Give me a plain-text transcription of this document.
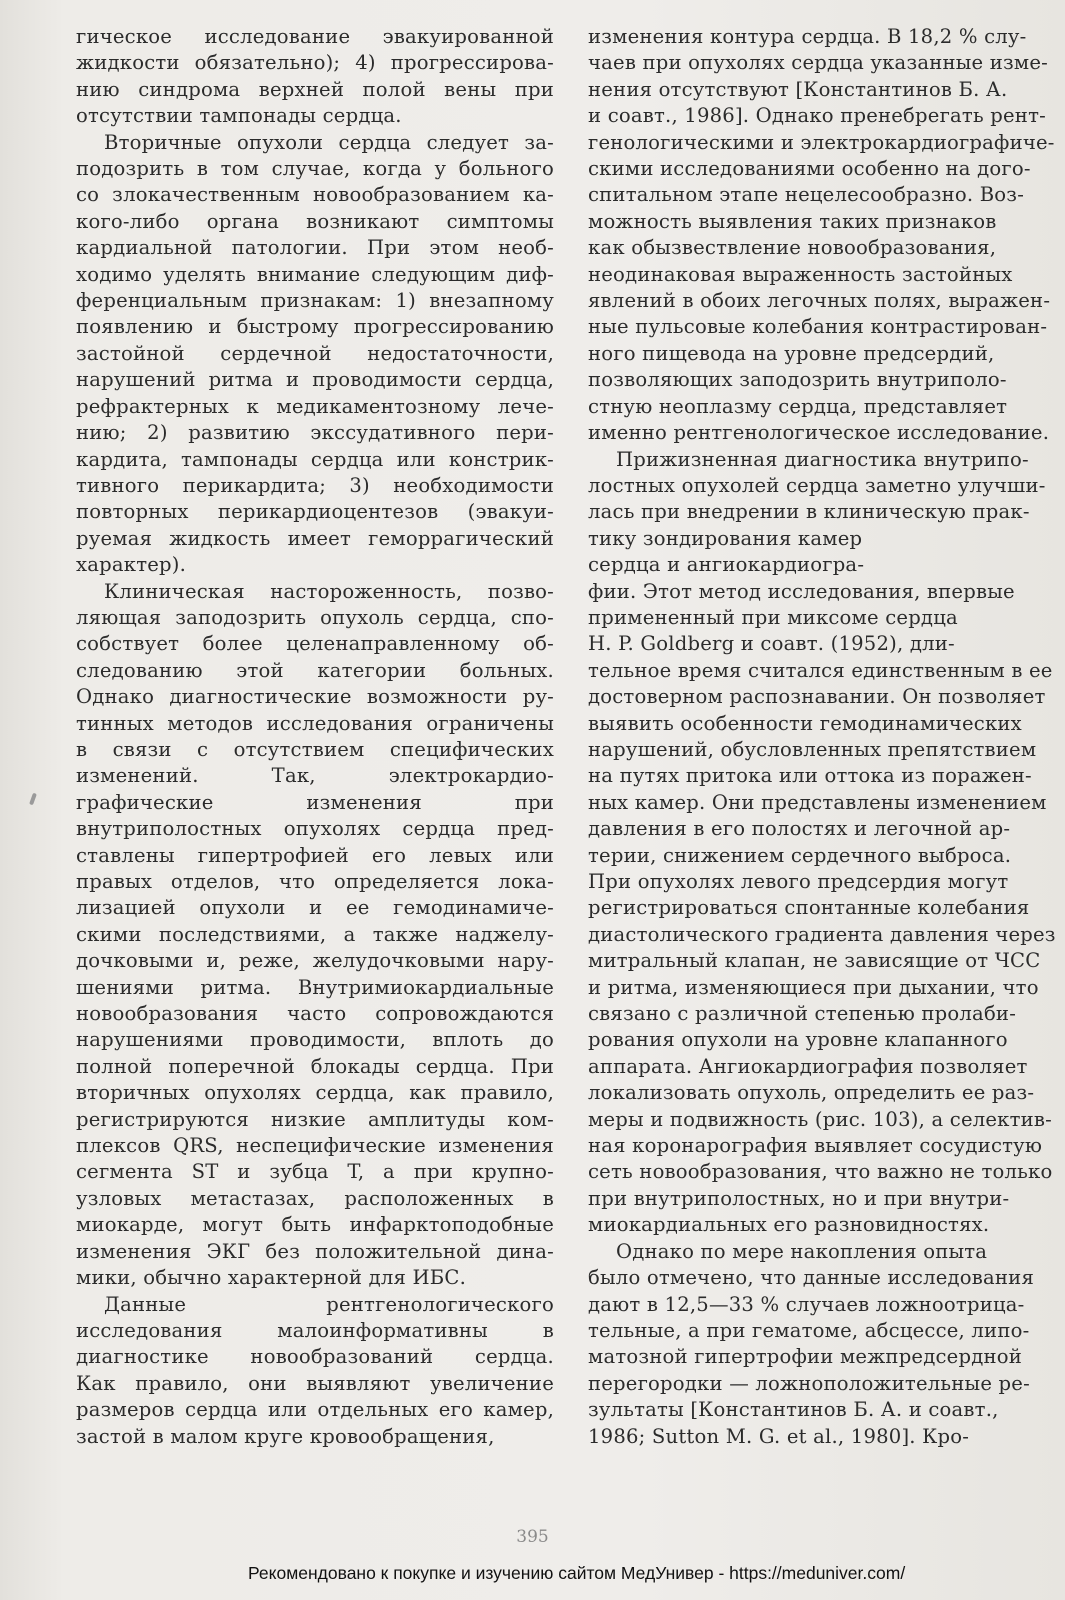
гическое исследование эвакуированной

жидкости обязательно); 4) прогрессирова-

нию синдрома верхней полой вены при

отсутствии тампонады сердца.

Вторичные опухоли сердца следует за-

подозрить в том случае, когда у больного

со злокачественным новообразованием ка-

кого-либо органа возникают симптомы

кардиальной патологии. При этом необ-

ходимо уделять внимание следующим диф-

ференциальным признакам: 1) внезапному

появлению и быстрому прогрессированию

застойной сердечной недостаточности,

нарушений ритма и проводимости сердца,

рефрактерных к медикаментозному лече-

нию; 2) развитию экссудативного пери-

кардита, тампонады сердца или констрик-

тивного перикардита; 3) необходимости

повторных перикардиоцентезов (эвакуи-

руемая жидкость имеет геморрагический

характер).

Клиническая настороженность, позво-

ляющая заподозрить опухоль сердца, спо-

собствует более целенаправленному об-

следованию этой категории больных.

Однако диагностические возможности ру-

тинных методов исследования ограничены

в связи с отсутствием специфических

изменений. Так, электрокардио-

графические изменения при

внутриполостных опухолях сердца пред-

ставлены гипертрофией его левых или

правых отделов, что определяется лока-

лизацией опухоли и ее гемодинамиче-

скими последствиями, а также наджелу-

дочковыми и, реже, желудочковыми нару-

шениями ритма. Внутримиокардиальные

новообразования часто сопровождаются

нарушениями проводимости, вплоть до

полной поперечной блокады сердца. При

вторичных опухолях сердца, как правило,

регистрируются низкие амплитуды ком-

плексов QRS, неспецифические изменения

сегмента ST и зубца T, а при крупно-

узловых метастазах, расположенных в

миокарде, могут быть инфарктоподобные

изменения ЭКГ без положительной дина-

мики, обычно характерной для ИБС.

Данные рентгенологического

исследования малоинформативны в

диагностике новообразований сердца.

Как правило, они выявляют увеличение

размеров сердца или отдельных его камер,

застой в малом круге кровообращения,

изменения контура сердца. В 18,2 % слу-

чаев при опухолях сердца указанные изме-

нения отсутствуют [Константинов Б. А.

и соавт., 1986]. Однако пренебрегать рент-

генологическими и электрокардиографиче-

скими исследованиями особенно на дого-

спитальном этапе нецелесообразно. Воз-

можность выявления таких признаков

как обызвествление новообразования,

неодинаковая выраженность застойных

явлений в обоих легочных полях, выражен-

ные пульсовые колебания контрастирован-

ного пищевода на уровне предсердий,

позволяющих заподозрить внутриполо-

стную неоплазму сердца, представляет

именно рентгенологическое исследование.

Прижизненная диагностика внутрипо-

лостных опухолей сердца заметно улучши-

лась при внедрении в клиническую прак-

тику зондирования камер

сердца и ангиокардиогра-

фии. Этот метод исследования, впервые

примененный при миксоме сердца

H. P. Goldberg и соавт. (1952), дли-

тельное время считался единственным в ее

достоверном распознавании. Он позволяет

выявить особенности гемодинамических

нарушений, обусловленных препятствием

на путях притока или оттока из поражен-

ных камер. Они представлены изменением

давления в его полостях и легочной ар-

терии, снижением сердечного выброса.

При опухолях левого предсердия могут

регистрироваться спонтанные колебания

диастолического градиента давления через

митральный клапан, не зависящие от ЧСС

и ритма, изменяющиеся при дыхании, что

связано с различной степенью пролаби-

рования опухоли на уровне клапанного

аппарата. Ангиокардиография позволяет

локализовать опухоль, определить ее раз-

меры и подвижность (рис. 103), а селектив-

ная коронарография выявляет сосудистую

сеть новообразования, что важно не только

при внутриполостных, но и при внутри-

миокардиальных его разновидностях.

Однако по мере накопления опыта

было отмечено, что данные исследования

дают в 12,5—33 % случаев ложноотрица-

тельные, а при гематоме, абсцессе, липо-

матозной гипертрофии межпредсердной

перегородки — ложноположительные ре-

зультаты [Константинов Б. А. и соавт.,

1986; Sutton M. G. et al., 1980]. Кро-

395
Рекомендовано к покупке и изучению сайтом МедУнивер - https://meduniver.com/
